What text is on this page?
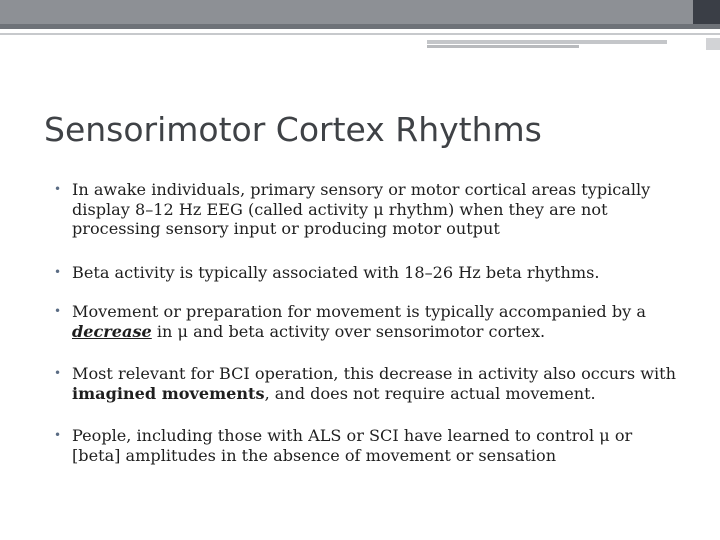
Sensorimotor Cortex Rhythms
• In awake individuals, primary sensory or motor cortical areas typically display 8–12 Hz EEG (called activity μ rhythm) when they are not processing sensory input or producing motor output
• Beta activity is typically associated with 18–26 Hz beta rhythms.
• Movement or preparation for movement is typically accompanied by a decrease in μ and beta activity over sensorimotor cortex.
• Most relevant for BCI operation, this decrease in activity also occurs with imagined movements, and does not require actual movement.
• People, including those with ALS or SCI have learned to control μ or [beta] amplitudes in the absence of movement or sensation
